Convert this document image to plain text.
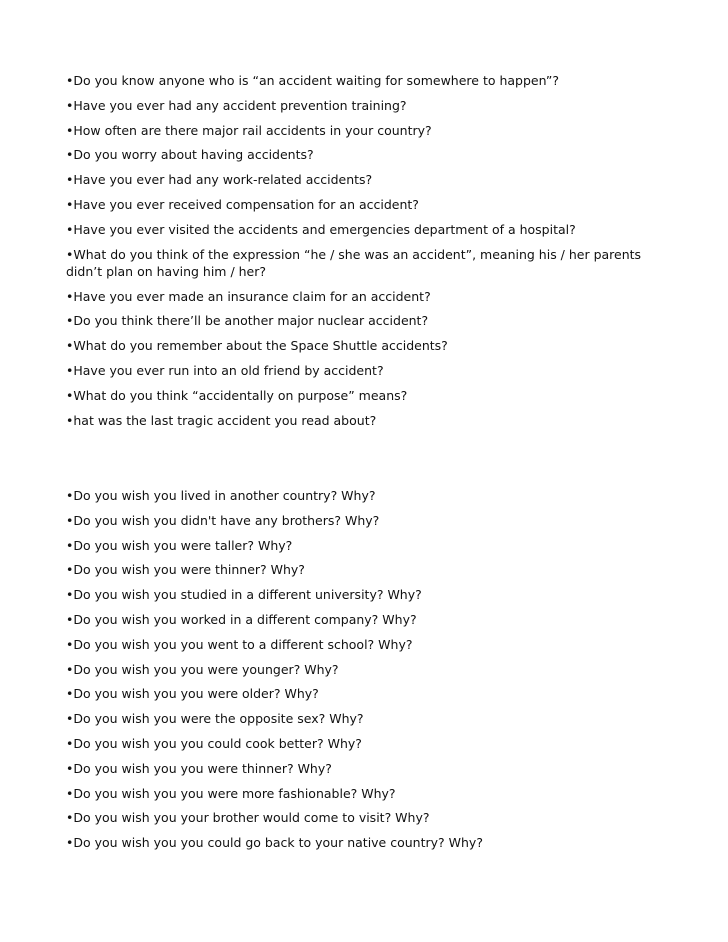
•Do you know anyone who is “an accident waiting for somewhere to happen”?

•Have you ever had any accident prevention training?

•How often are there major rail accidents in your country?

•Do you worry about having accidents?

•Have you ever had any work-related accidents?

•Have you ever received compensation for an accident?

•Have you ever visited the accidents and emergencies department of a hospital?

•What do you think of the expression “he / she was an accident”, meaning his / her parents didn’t plan on having him / her?

•Have you ever made an insurance claim for an accident?

•Do you think there’ll be another major nuclear accident?

•What do you remember about the Space Shuttle accidents?

•Have you ever run into an old friend by accident?

•What do you think “accidentally on purpose” means?

•hat was the last tragic accident you read about?

•Do you wish you lived in another country? Why?

•Do you wish you didn't have any brothers? Why?

•Do you wish you were taller? Why?

•Do you wish you were thinner? Why?

•Do you wish you studied in a different university? Why?

•Do you wish you worked in a different company? Why?

•Do you wish you you went to a different school? Why?

•Do you wish you you were younger? Why?

•Do you wish you you were older? Why?

•Do you wish you were the opposite sex? Why?

•Do you wish you you could cook better? Why?

•Do you wish you you were thinner? Why?

•Do you wish you you were more fashionable? Why?

•Do you wish you your brother would come to visit? Why?

•Do you wish you you could go back to your native country? Why?
